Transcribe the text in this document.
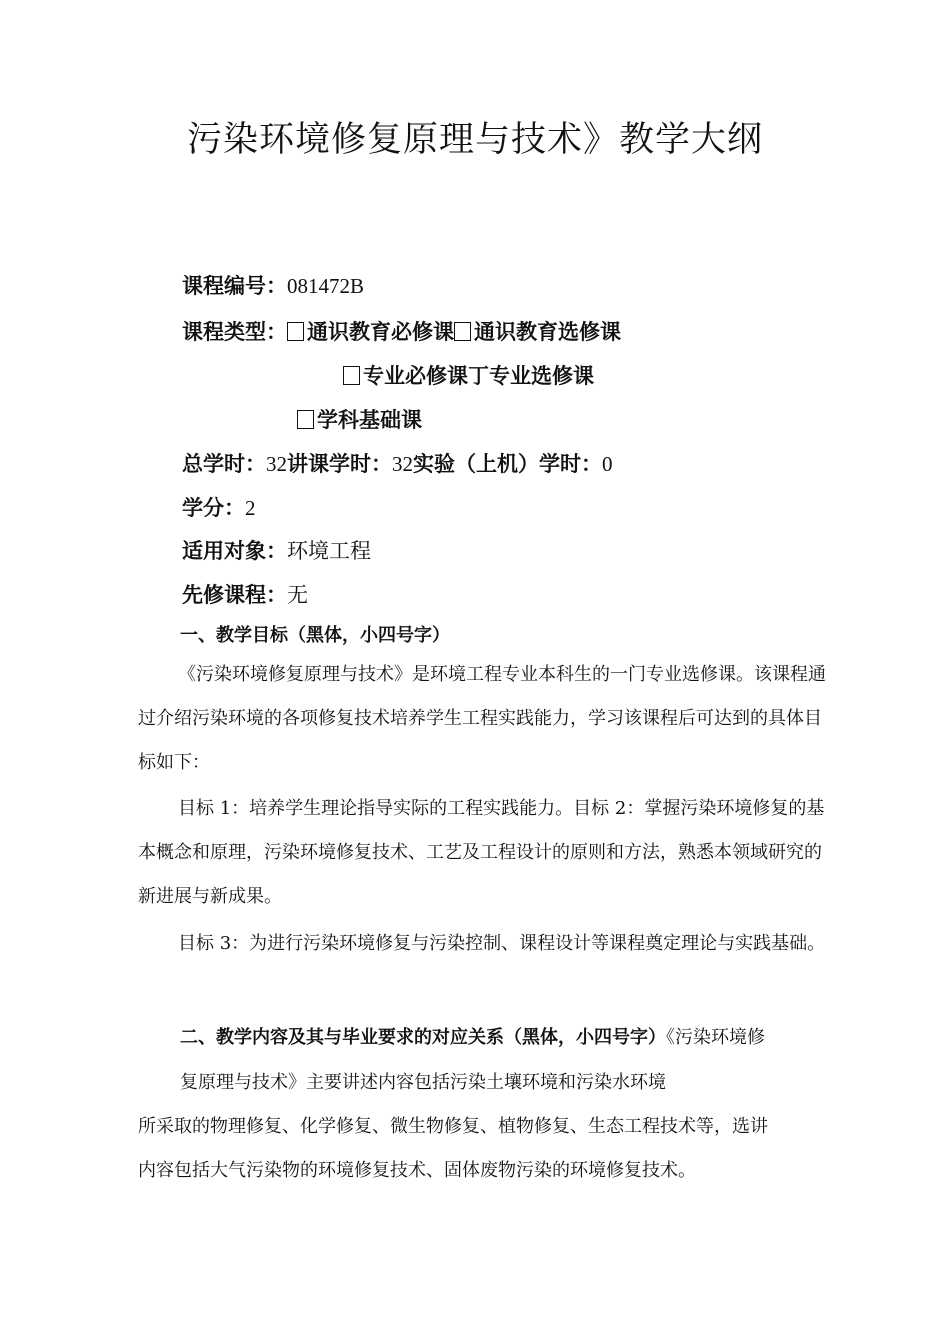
污染环境修复原理与技术》教学大纲
课程编号：081472B
课程类型： 通识教育必修课 通识教育选修课
专业必修课丁专业选修课
学科基础课
总学时：32讲课学时：32实验（上机）学时：0
学分：2
适用对象：环境工程
先修课程：无
一、教学目标（黑体，小四号字）
《污染环境修复原理与技术》是环境工程专业本科生的一门专业选修课。该课程通过介绍污染环境的各项修复技术培养学生工程实践能力，学习该课程后可达到的具体目标如下：
目标 1：培养学生理论指导实际的工程实践能力。目标 2：掌握污染环境修复的基本概念和原理，污染环境修复技术、工艺及工程设计的原则和方法，熟悉本领域研究的新进展与新成果。
目标 3：为进行污染环境修复与污染控制、课程设计等课程奠定理论与实践基础。
二、教学内容及其与毕业要求的对应关系（黑体，小四号字）《污染环境修
复原理与技术》主要讲述内容包括污染土壤环境和污染水环境
所采取的物理修复、化学修复、微生物修复、植物修复、生态工程技术等，选讲
内容包括大气污染物的环境修复技术、固体废物污染的环境修复技术。
